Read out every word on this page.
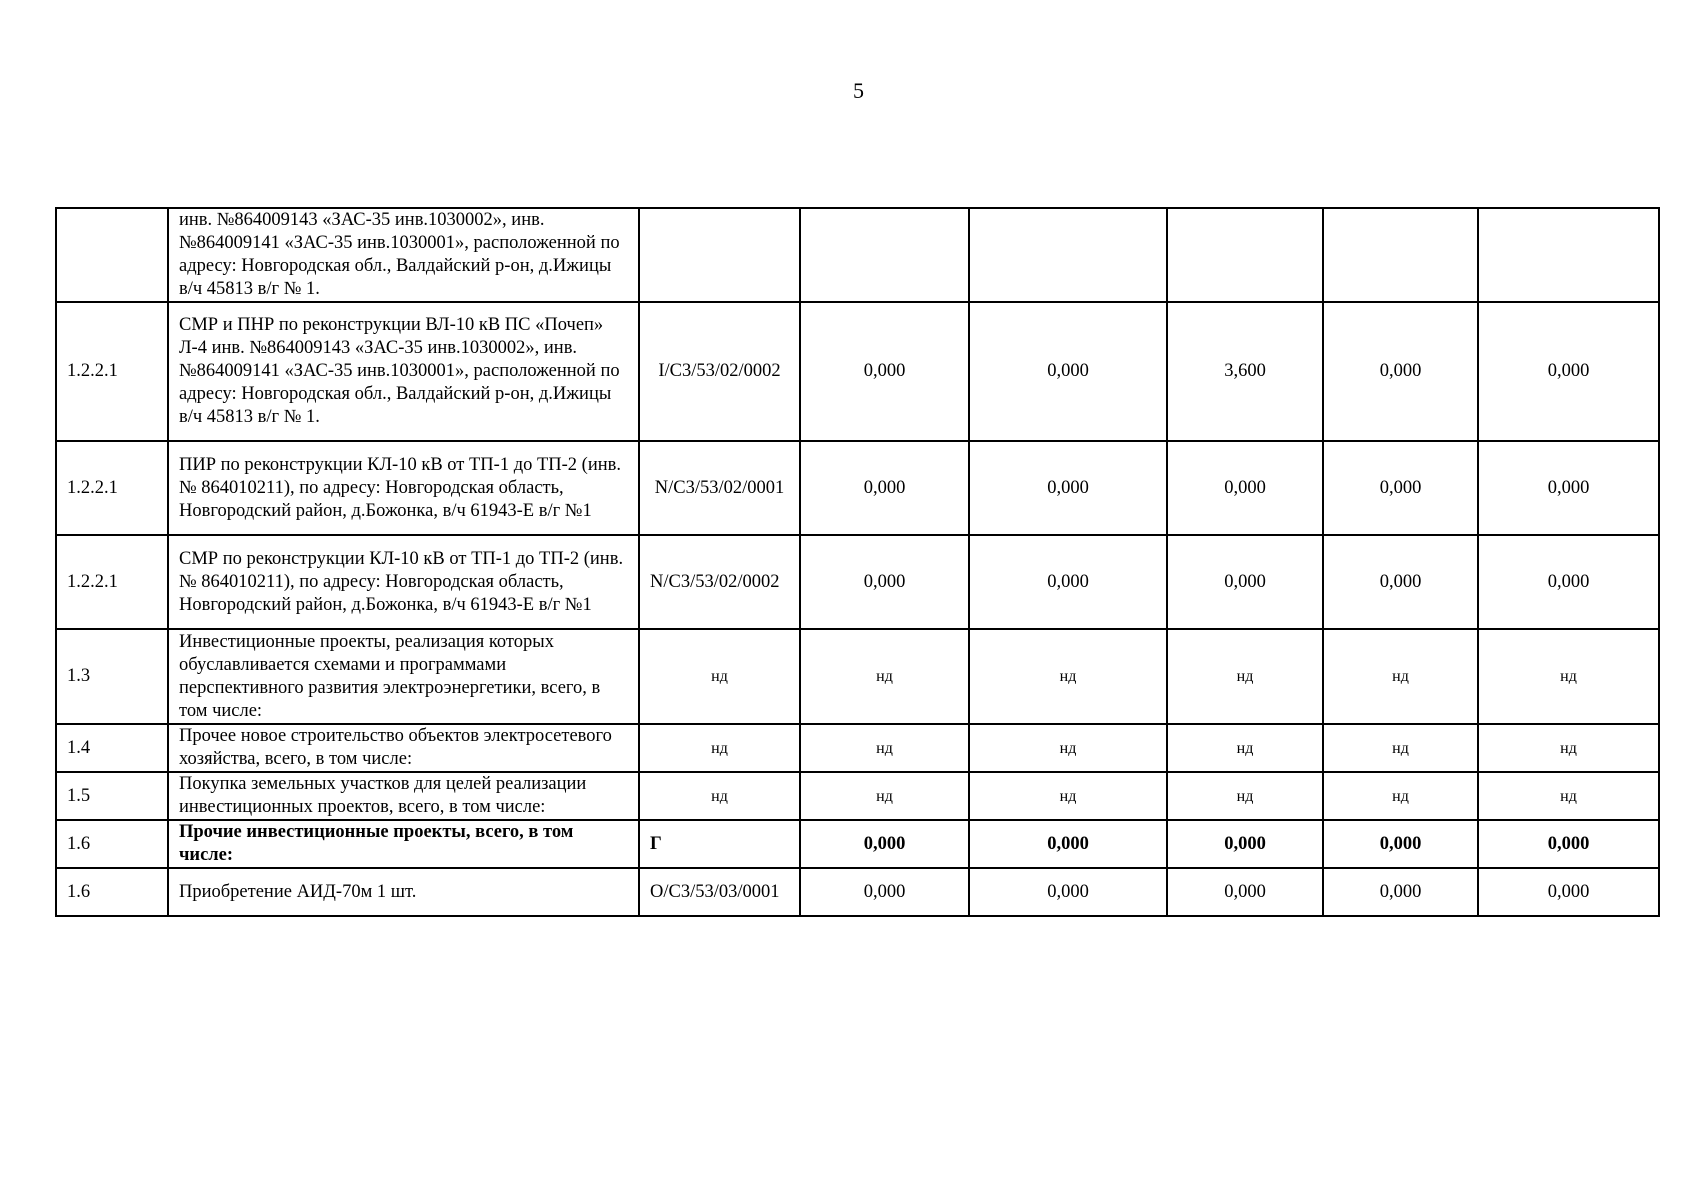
5
	инв. №864009143 «ЗАС-35 инв.1030002», инв. №864009141 «ЗАС-35 инв.1030001», расположенной по адресу: Новгородская обл., Валдайский р-он, д.Ижицы в/ч 45813 в/г № 1.						
1.2.2.1	СМР и ПНР по реконструкции ВЛ-10 кВ ПС «Почеп» Л-4 инв. №864009143 «ЗАС-35 инв.1030002», инв. №864009141 «ЗАС-35 инв.1030001», расположенной по адресу: Новгородская обл., Валдайский р-он, д.Ижицы в/ч 45813 в/г № 1.	I/С3/53/02/0002	0,000	0,000	3,600	0,000	0,000
1.2.2.1	ПИР по реконструкции КЛ-10 кВ от ТП-1 до ТП-2 (инв. № 864010211), по адресу: Новгородская область, Новгородский район, д.Божонка, в/ч 61943-Е в/г №1	N/С3/53/02/0001	0,000	0,000	0,000	0,000	0,000
1.2.2.1	СМР по реконструкции КЛ-10 кВ от ТП-1 до ТП-2 (инв. № 864010211), по адресу: Новгородская область, Новгородский район, д.Божонка, в/ч 61943-Е в/г №1	N/С3/53/02/0002	0,000	0,000	0,000	0,000	0,000
1.3	Инвестиционные проекты, реализация которых обуславливается схемами и программами перспективного развития электроэнергетики, всего, в том числе:	нд	нд	нд	нд	нд	нд
1.4	Прочее новое строительство объектов электросетевого хозяйства, всего, в том числе:	нд	нд	нд	нд	нд	нд
1.5	Покупка земельных участков для целей реализации инвестиционных проектов, всего, в том числе:	нд	нд	нд	нд	нд	нд
1.6	Прочие инвестиционные проекты, всего, в том числе:	Г	0,000	0,000	0,000	0,000	0,000
1.6	Приобретение АИД-70м 1 шт.	О/С3/53/03/0001	0,000	0,000	0,000	0,000	0,000
